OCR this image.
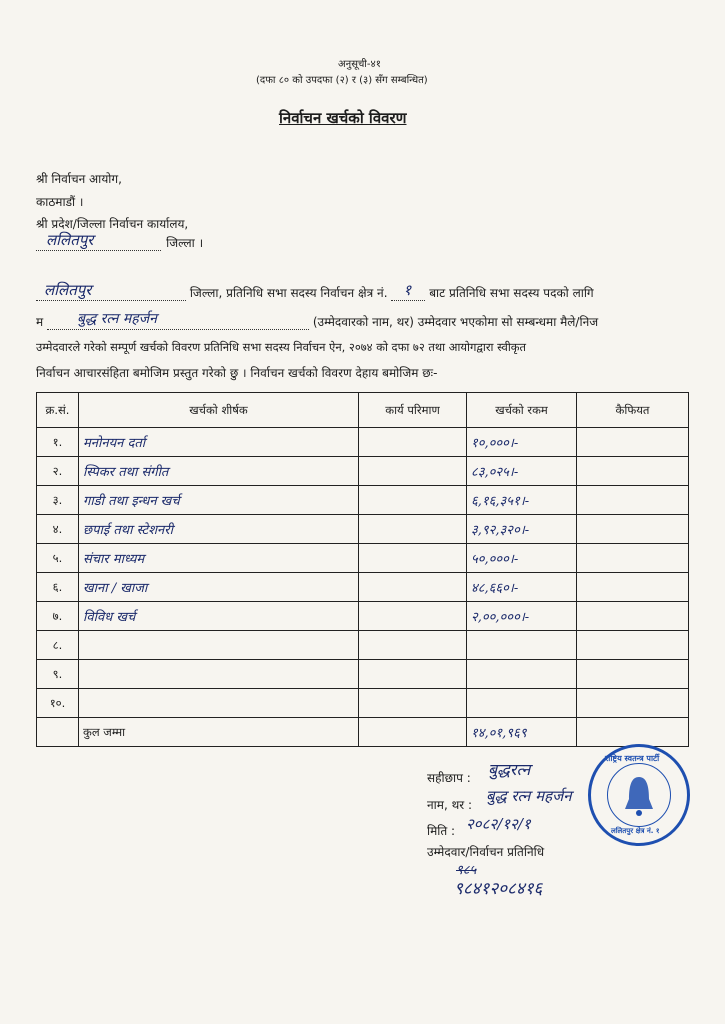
अनुसूची-४१
(दफा ८० को उपदफा (२) र (३) सँग सम्बन्धित)
निर्वाचन खर्चको विवरण
श्री निर्वाचन आयोग,
काठमाडौं ।
श्री प्रदेश/जिल्ला निर्वाचन कार्यालय,
ललितपुर	जिल्ला ।
ललितपुर	जिल्ला, प्रतिनिधि सभा सदस्य निर्वाचन क्षेत्र नं. १ बाट प्रतिनिधि सभा सदस्य पदको लागि
म बुद्ध रत्न महर्जन	(उम्मेदवारको नाम, थर) उम्मेदवार भएकोमा सो सम्बन्धमा मैले/निज
उम्मेदवारले गरेको सम्पूर्ण खर्चको विवरण प्रतिनिधि सभा सदस्य निर्वाचन ऐन, २०७४ को दफा ७२ तथा आयोगद्वारा स्वीकृत
निर्वाचन आचारसंहिता बमोजिम प्रस्तुत गरेको छु । निर्वाचन खर्चको विवरण देहाय बमोजिम छः-
क्र.सं.	खर्चको शीर्षक	कार्य परिमाण	खर्चको रकम	कैफियत
१.	मनोनयन दर्ता		१०,०००।-	
२.	स्पिकर तथा संगीत		८३,०२५।-	
३.	गाडी तथा इन्धन खर्च		६,१६,३५१।-	
४.	छपाई तथा स्टेशनरी		३,९२,३२०।-	
५.	संचार माध्यम		५०,०००।-	
६.	खाना / खाजा		४८,६६०।-	
७.	विविध खर्च		२,००,०००।-	
८.				
९.				
१०.				
	कुल जम्मा		१४,०१,९६९	
सहीछाप : बुद्धरत्न
नाम, थर : बुद्ध रत्न महर्जन
मिति : २०८२/१२/१
उम्मेदवार/निर्वाचन प्रतिनिधि
९८५
९८४१२०८४१६
राष्ट्रिय स्वतन्त्र पार्टी
ललितपुर क्षेत्र नं. १
